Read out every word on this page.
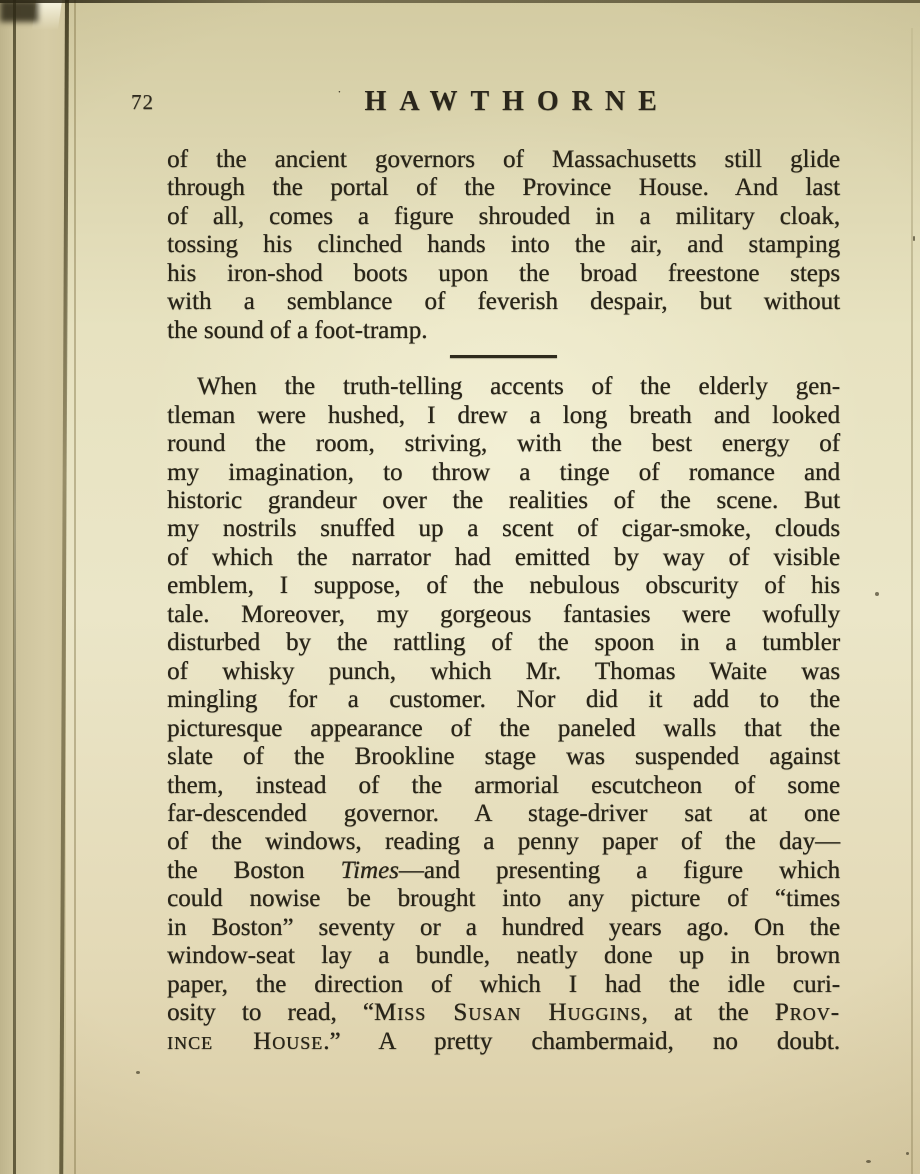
72	· HAWTHORNE
of the ancient governors of Massachusetts still glide
through the portal of the Province House. And last
of all, comes a figure shrouded in a military cloak,
tossing his clinched hands into the air, and stamping
his iron-shod boots upon the broad freestone steps
with a semblance of feverish despair, but without
the sound of a foot-tramp.
When the truth-telling accents of the elderly gen-
tleman were hushed, I drew a long breath and looked
round the room, striving, with the best energy of
my imagination, to throw a tinge of romance and
historic grandeur over the realities of the scene. But
my nostrils snuffed up a scent of cigar-smoke, clouds
of which the narrator had emitted by way of visible
emblem, I suppose, of the nebulous obscurity of his
tale. Moreover, my gorgeous fantasies were wofully
disturbed by the rattling of the spoon in a tumbler
of whisky punch, which Mr. Thomas Waite was
mingling for a customer. Nor did it add to the
picturesque appearance of the paneled walls that the
slate of the Brookline stage was suspended against
them, instead of the armorial escutcheon of some
far-descended governor. A stage-driver sat at one
of the windows, reading a penny paper of the day—
the Boston Times—and presenting a figure which
could nowise be brought into any picture of “times
in Boston” seventy or a hundred years ago. On the
window-seat lay a bundle, neatly done up in brown
paper, the direction of which I had the idle curi-
osity to read, “Miss Susan Huggins, at the Prov-
ince House.” A pretty chambermaid, no doubt.
